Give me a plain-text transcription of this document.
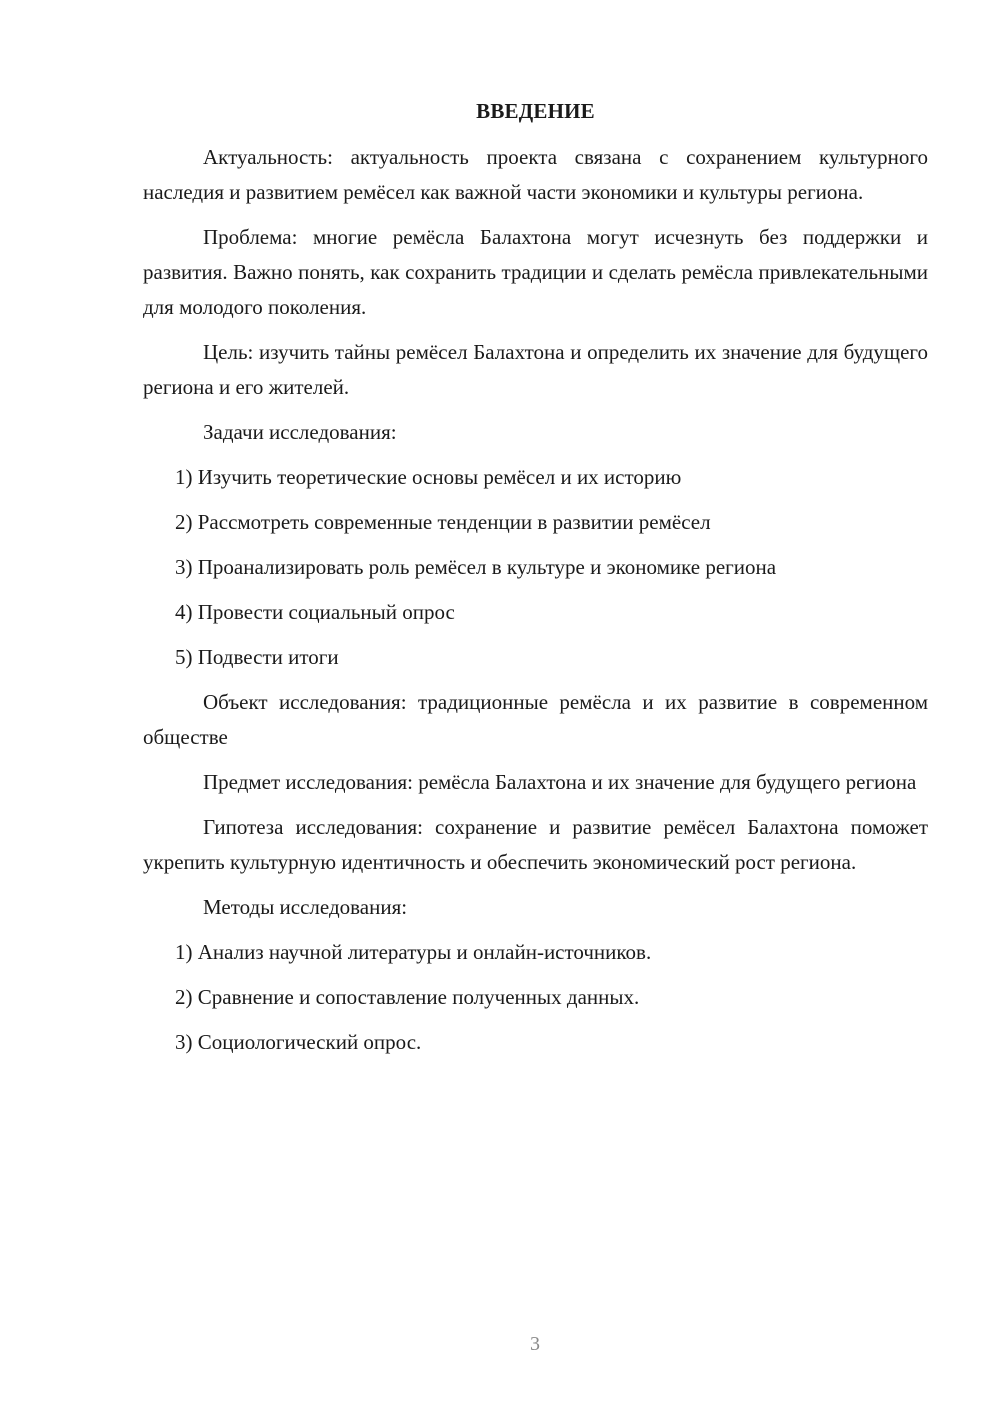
ВВЕДЕНИЕ

Актуальность: актуальность проекта связана с сохранением культурного наследия и развитием ремёсел как важной части экономики и культуры региона.

Проблема: многие ремёсла Балахтона могут исчезнуть без поддержки и развития. Важно понять, как сохранить традиции и сделать ремёсла привлекательными для молодого поколения.

Цель: изучить тайны ремёсел Балахтона и определить их значение для будущего региона и его жителей.

Задачи исследования:

1) Изучить теоретические основы ремёсел и их историю
2) Рассмотреть современные тенденции в развитии ремёсел
3) Проанализировать роль ремёсел в культуре и экономике региона
4) Провести социальный опрос
5) Подвести итоги

Объект исследования: традиционные ремёсла и их развитие в современном обществе

Предмет исследования: ремёсла Балахтона и их значение для будущего региона

Гипотеза исследования: сохранение и развитие ремёсел Балахтона поможет укрепить культурную идентичность и обеспечить экономический рост региона.

Методы исследования:

1) Анализ научной литературы и онлайн-источников.
2) Сравнение и сопоставление полученных данных.
3) Социологический опрос.
3
